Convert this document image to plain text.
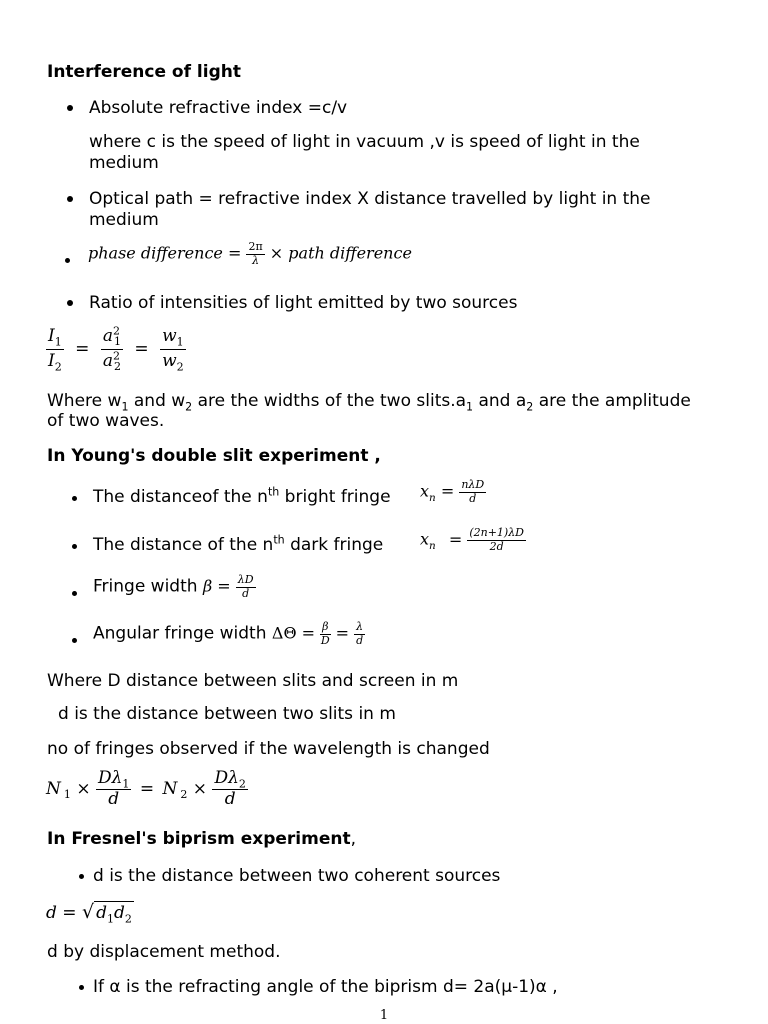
Interference of light
Absolute refractive index =c/v
where c is the speed of light in vacuum ,v is speed of light in the
medium
Optical path = refractive index X distance travelled by light in the
medium
phase difference = $\frac{2\pi}{\lambda}$ × path difference
Ratio of intensities of light emitted by two sources
$\frac{I_1}{I_2} = \frac{a^2_1}{a^2_2} = \frac{w_1}{w_2}$
Where $w_1$ and $w_2$ are the widths of the two $slits.a_1$ and $a_2$ are the amplitude
of two waves.
In Young's double slit experiment ,
The distanceof the $n^{th}$ bright fringe $x_n = \frac{\text{nλD}}{d}$
The distance of the $n^{th}$ dark fringe $x_n = \frac{(2n+1)\lambda D}{2d}$
Fringe width $\beta = \frac{\lambda D}{d}$
Angular fringe width $\Delta\Theta = \frac{\beta}{D} = \frac{\lambda}{d}$
Where D distance between slits and screen in m
d is the distance between two slits in m
no of fringes observed if the wavelength is changed
N $_1 \times \frac{D\lambda_1}{d} = N$ $_2 \times \frac{D\lambda_2}{d}$
In Fresnel's biprism experiment,
d is the distance between two coherent sources
d = √ $d_1d_2$
d by displacement method.
If α is the refracting angle of the biprism d= 2a(μ-1)α ,
1
